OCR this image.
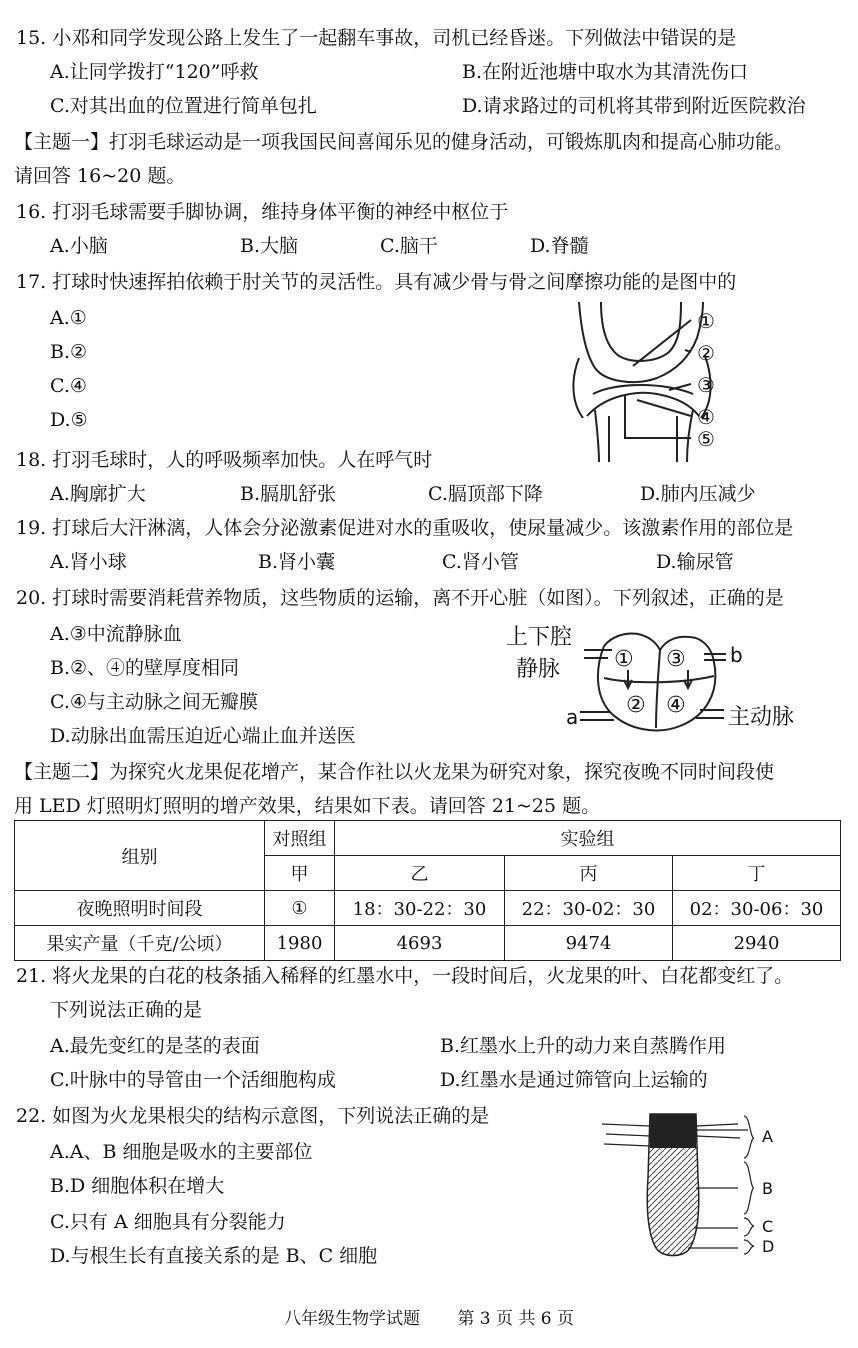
15. 小邓和同学发现公路上发生了一起翻车事故，司机已经昏迷。下列做法中错误的是
A.让同学拨打“120”呼救	B.在附近池塘中取水为其清洗伤口
C.对其出血的位置进行简单包扎	D.请求路过的司机将其带到附近医院救治
【主题一】打羽毛球运动是一项我国民间喜闻乐见的健身活动，可锻炼肌肉和提高心肺功能。
请回答 16~20 题。
16. 打羽毛球需要手脚协调，维持身体平衡的神经中枢位于
A.小脑	B.大脑	C.脑干	D.脊髓
17. 打球时快速挥拍依赖于肘关节的灵活性。具有减少骨与骨之间摩擦功能的是图中的
A.①
B.②
C.④
D.⑤
①
②
③
④
⑤
18. 打羽毛球时，人的呼吸频率加快。人在呼气时
A.胸廓扩大	B.膈肌舒张	C.膈顶部下降	D.肺内压减少
19. 打球后大汗淋漓，人体会分泌激素促进对水的重吸收，使尿量减少。该激素作用的部位是
A.肾小球	B.肾小囊	C.肾小管	D.输尿管
20. 打球时需要消耗营养物质，这些物质的运输，离不开心脏（如图）。下列叙述，正确的是
A.③中流静脉血
B.②、④的壁厚度相同
C.④与主动脉之间无瓣膜
D.动脉出血需压迫近心端止血并送医
上下腔
静脉 ① ③
② ④
b
a	主动脉
【主题二】为探究火龙果促花增产，某合作社以火龙果为研究对象，探究夜晚不同时间段使
用 LED 灯照明灯照明的增产效果，结果如下表。请回答 21~25 题。
组别	对照组	实验组		
	甲	乙	丙	丁
夜晚照明时间段	①	18：30-22：30	22：30-02：30	02：30-06：30
果实产量（千克/公顷）	1980	4693	9474	2940
21. 将火龙果的白花的枝条插入稀释的红墨水中，一段时间后，火龙果的叶、白花都变红了。
下列说法正确的是
A.最先变红的是茎的表面	B.红墨水上升的动力来自蒸腾作用
C.叶脉中的导管由一个活细胞构成	D.红墨水是通过筛管向上运输的
22. 如图为火龙果根尖的结构示意图，下列说法正确的是
A.A、B 细胞是吸水的主要部位
B.D 细胞体积在增大
C.只有 A 细胞具有分裂能力
D.与根生长有直接关系的是 B、C 细胞
A
B
C
D
八年级生物学试题 第 3 页 共 6 页
